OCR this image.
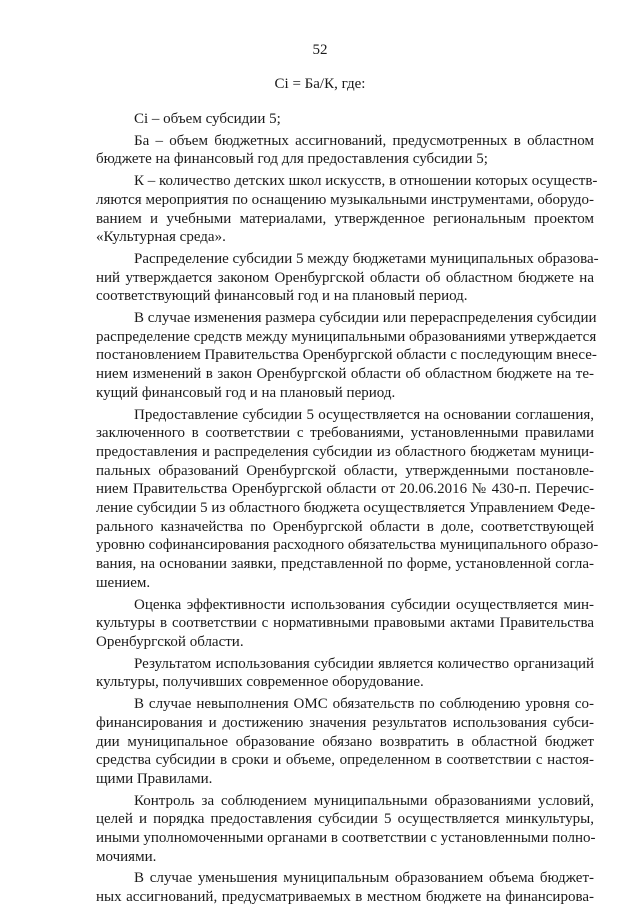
52
Ci = Ба/К, где:

Ci – объем субсидии 5;

Ба – объем бюджетных ассигнований, предусмотренных в областном
бюджете на финансовый год для предоставления субсидии 5;

К – количество детских школ искусств, в отношении которых осуществ-
ляются мероприятия по оснащению музыкальными инструментами, оборудо-
ванием и учебными материалами, утвержденное региональным проектом
«Культурная среда».

Распределение субсидии 5 между бюджетами муниципальных образова-
ний утверждается законом Оренбургской области об областном бюджете на
соответствующий финансовый год и на плановый период.

В случае изменения размера субсидии или перераспределения субсидии
распределение средств между муниципальными образованиями утверждается
постановлением Правительства Оренбургской области с последующим внесе-
нием изменений в закон Оренбургской области об областном бюджете на те-
кущий финансовый год и на плановый период.

Предоставление субсидии 5 осуществляется на основании соглашения,
заключенного в соответствии с требованиями, установленными правилами
предоставления и распределения субсидии из областного бюджетам муници-
пальных образований Оренбургской области, утвержденными постановле-
нием Правительства Оренбургской области от 20.06.2016 № 430-п. Перечис-
ление субсидии 5 из областного бюджета осуществляется Управлением Феде-
рального казначейства по Оренбургской области в доле, соответствующей
уровню софинансирования расходного обязательства муниципального образо-
вания, на основании заявки, представленной по форме, установленной согла-
шением.

Оценка эффективности использования субсидии осуществляется мин-
культуры в соответствии с нормативными правовыми актами Правительства
Оренбургской области.

Результатом использования субсидии является количество организаций
культуры, получивших современное оборудование.

В случае невыполнения ОМС обязательств по соблюдению уровня со-
финансирования и достижению значения результатов использования субси-
дии муниципальное образование обязано возвратить в областной бюджет
средства субсидии в сроки и объеме, определенном в соответствии с настоя-
щими Правилами.

Контроль за соблюдением муниципальными образованиями условий,
целей и порядка предоставления субсидии 5 осуществляется минкультуры,
иными уполномоченными органами в соответствии с установленными полно-
мочиями.

В случае уменьшения муниципальным образованием объема бюджет-
ных ассигнований, предусматриваемых в местном бюджете на финансирова-
